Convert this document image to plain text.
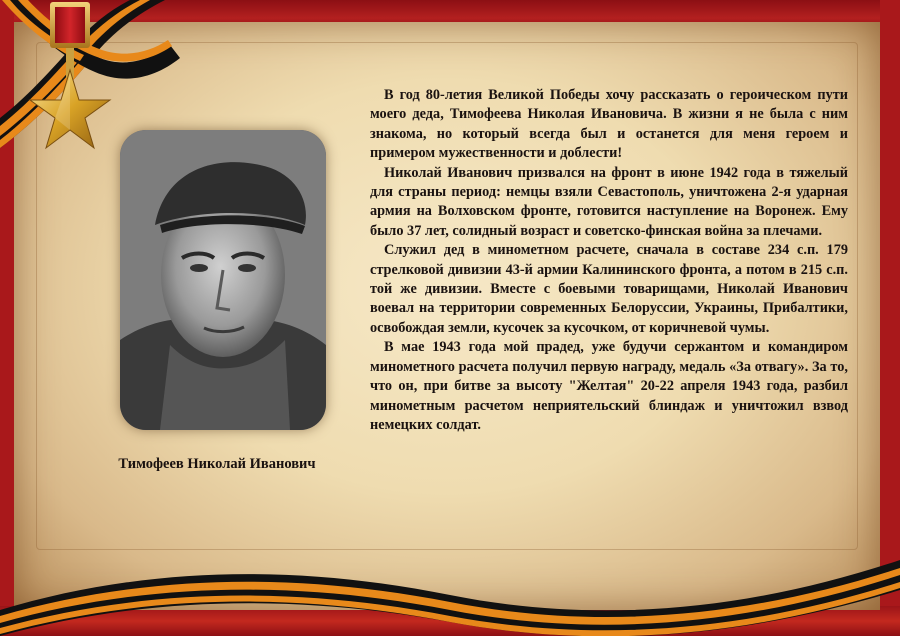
Тимофеев Николай Иванович

В год 80-летия Великой Победы хочу рассказать о героическом пути моего деда, Тимофеева Николая Ивановича. В жизни я не была с ним знакома, но который всегда был и останется для меня героем и примером мужественности и доблести!

Николай Иванович призвался на фронт в июне 1942 года в тяжелый для страны период: немцы взяли Севастополь, уничтожена 2-я ударная армия на Волховском фронте, готовится наступление на Воронеж. Ему было 37 лет, солидный возраст и советско-финская война за плечами.

Служил дед в минометном расчете, сначала в составе 234 с.п. 179 стрелковой дивизии 43-й армии Калининского фронта, а потом в 215 с.п. той же дивизии. Вместе с боевыми товарищами, Николай Иванович воевал на территории современных Белоруссии, Украины, Прибалтики, освобождая земли, кусочек за кусочком, от коричневой чумы.

В мае 1943 года мой прадед, уже будучи сержантом и командиром минометного расчета получил первую награду, медаль «За отвагу». За то, что он, при битве за высоту "Желтая" 20-22 апреля 1943 года, разбил минометным расчетом неприятельский блиндаж и уничтожил взвод немецких солдат.
